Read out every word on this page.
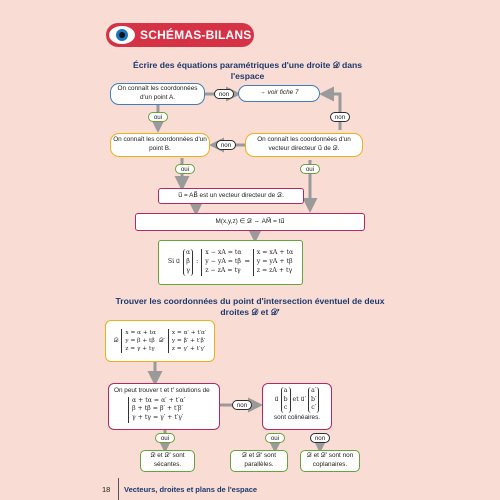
SCHÉMAS-BILANS
Écrire des équations paramétriques d'une droite 𝒟 dans l'espace
On connaît les coordonnées d'un point A.	non	→ voir fiche 7
oui	non
On connaît les coordonnées d'un point B.	non
On connaît les coordonnées d'un vecteur directeur u⃗ de 𝒟.
oui	oui
u⃗ = AB⃗ est un vecteur directeur de 𝒟.
M(x,y,z) ∈ 𝒟 ⇔ AM⃗ = tu⃗
Si u⃗
α
β
γ
:
x − xA = tα
y − yA = tβ
z − zA = tγ
⇔
x = xA + tα
y = yA + tβ
z = zA + tγ
Trouver les coordonnées du point d'intersection éventuel de deux droites 𝒟 et 𝒟′
𝒟
x = α + tα
y = β + tβ
z = γ + tγ
𝒟′
x = α′ + t′α′
y = β′ + t′β′
z = γ′ + t′γ′
On peut trouver t et t′ solutions de
α + tα = α′ + t′α′
β + tβ = β′ + t′β′
γ + tγ = γ′ + t′γ′
non
u⃗
a
b
c
et u⃗′
a′
b′
c′
sont colinéaires.
oui	oui	non
𝒟 et 𝒟′ sont sécantes.
𝒟 et 𝒟′ sont parallèles.
𝒟 et 𝒟′ sont non coplanaires.
18 Vecteurs, droites et plans de l'espace
